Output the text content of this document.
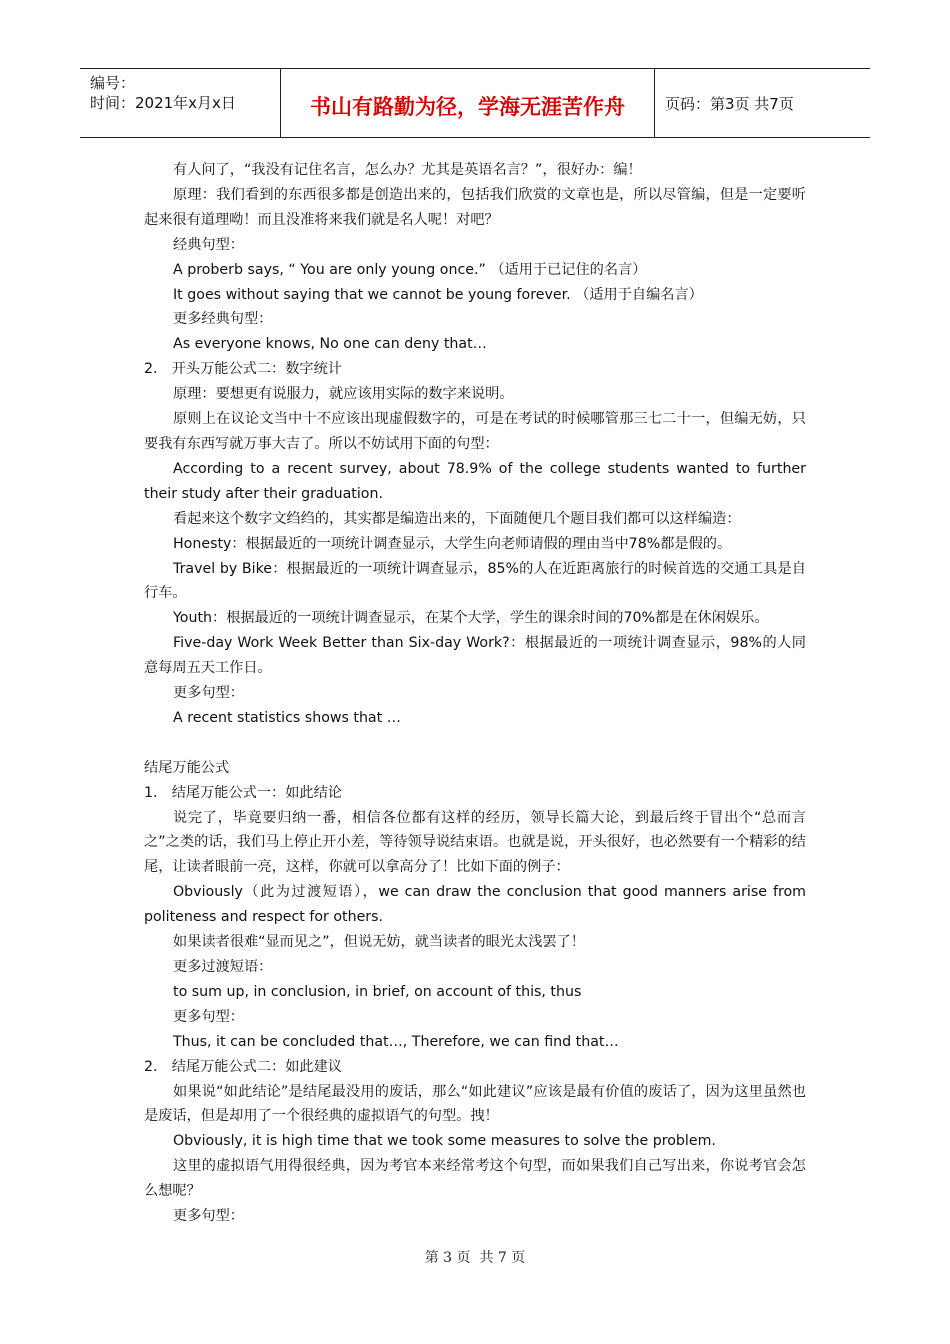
编号：
时间：2021年x月x日	书山有路勤为径，学海无涯苦作舟	页码：第3页 共7页

有人问了，“我没有记住名言，怎么办？尤其是英语名言？”，很好办：编！

原理：我们看到的东西很多都是创造出来的，包括我们欣赏的文章也是，所以尽管编，但是一定要听起来很有道理呦！而且没准将来我们就是名人呢！对吧？

经典句型：

A proberb says, “ You are only young once.” （适用于已记住的名言）

It goes without saying that we cannot be young forever. （适用于自编名言）

更多经典句型：

As everyone knows, No one can deny that…

2． 开头万能公式二：数字统计

原理：要想更有说服力，就应该用实际的数字来说明。

原则上在议论文当中十不应该出现虚假数字的，可是在考试的时候哪管那三七二十一，但编无妨，只要我有东西写就万事大吉了。所以不妨试用下面的句型：

According to a recent survey, about 78.9% of the college students wanted to further their study after their graduation.

看起来这个数字文绉绉的，其实都是编造出来的，下面随便几个题目我们都可以这样编造：

Honesty：根据最近的一项统计调查显示，大学生向老师请假的理由当中78%都是假的。

Travel by Bike：根据最近的一项统计调查显示，85%的人在近距离旅行的时候首选的交通工具是自行车。

Youth：根据最近的一项统计调查显示，在某个大学，学生的课余时间的70%都是在休闲娱乐。

Five-day Work Week Better than Six-day Work?：根据最近的一项统计调查显示，98%的人同意每周五天工作日。

更多句型：

A recent statistics shows that …

结尾万能公式

1． 结尾万能公式一：如此结论

说完了，毕竟要归纳一番，相信各位都有这样的经历，领导长篇大论，到最后终于冒出个“总而言之”之类的话，我们马上停止开小差，等待领导说结束语。也就是说，开头很好，也必然要有一个精彩的结尾，让读者眼前一亮，这样，你就可以拿高分了！比如下面的例子：

Obviously（此为过渡短语），we can draw the conclusion that good manners arise from politeness and respect for others.

如果读者很难“显而见之”，但说无妨，就当读者的眼光太浅罢了！

更多过渡短语：

to sum up, in conclusion, in brief, on account of this, thus

更多句型：

Thus, it can be concluded that…, Therefore, we can find that…

2． 结尾万能公式二：如此建议

如果说“如此结论”是结尾最没用的废话，那么“如此建议”应该是最有价值的废话了，因为这里虽然也是废话，但是却用了一个很经典的虚拟语气的句型。拽！

Obviously, it is high time that we took some measures to solve the problem.

这里的虚拟语气用得很经典，因为考官本来经常考这个句型，而如果我们自己写出来，你说考官会怎么想呢？

更多句型：

第 3 页  共 7 页
